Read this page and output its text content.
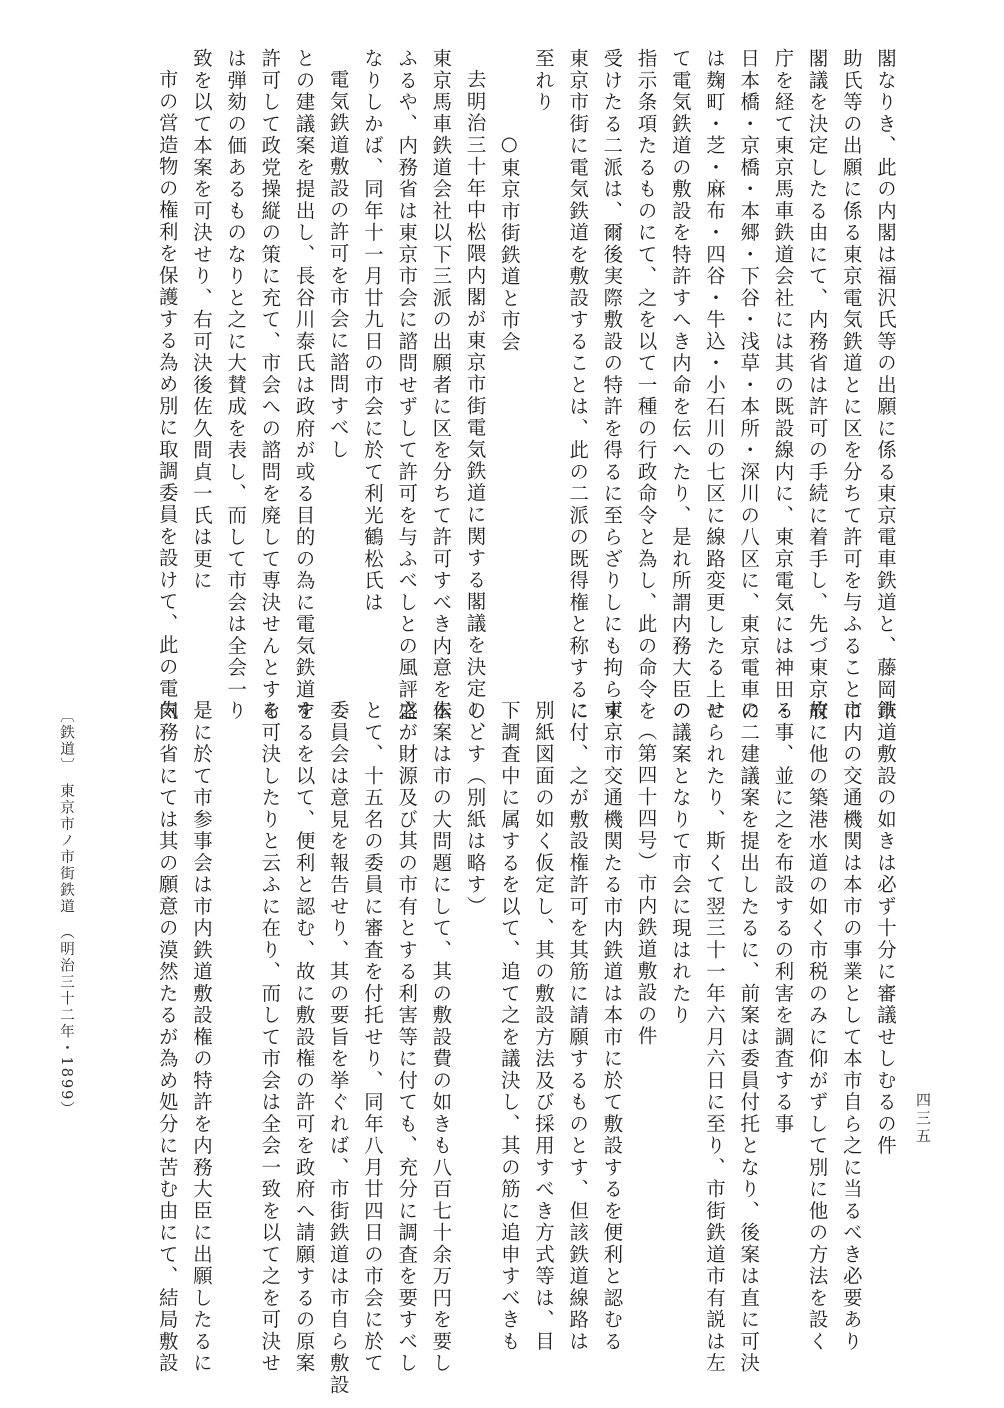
閣なりき、此の内閣は福沢氏等の出願に係る東京電車鉄道と、藤岡市
助氏等の出願に係る東京電気鉄道とに区を分ちて許可を与ふることに
閣議を決定したる由にて、内務省は許可の手続に着手し、先づ東京府
庁を経て東京馬車鉄道会社には其の既設線内に、東京電気には神田・
日本橋・京橋・本郷・下谷・浅草・本所・深川の八区に、東京電車に
は麹町・芝・麻布・四谷・牛込・小石川の七区に線路変更したる上に
て電気鉄道の敷設を特許すへき内命を伝へたり、是れ所謂内務大臣の
指示条項たるものにて、之を以て一種の行政命令と為し、此の命令を
受けたる二派は、爾後実際敷設の特許を得るに至らざりしにも拘らず
東京市街に電気鉄道を敷設することは、此の二派の既得権と称するに
至れり
○東京市街鉄道と市会
去明治三十年中松隈内閣が東京市街電気鉄道に関する閣議を決定し、
東京馬車鉄道会社以下三派の出願者に区を分ちて許可すべき内意を伝
ふるや、内務省は東京市会に諮問せずして許可を与ふべしとの風評盛
なりしかば、同年十一月廿九日の市会に於て利光鶴松氏は
電気鉄道敷設の許可を市会に諮問すべし
との建議案を提出し、長谷川泰氏は政府が或る目的の為に電気鉄道を
許可して政党操縦の策に充て、市会への諮問を廃して専決せんとする
は弾劾の価あるものなりと之に大賛成を表し、而して市会は全会一
致を以て本案を可決せり、右可決後佐久間貞一氏は更に
市の営造物の権利を保護する為め別に取調委員を設けて、此の電気
鉄道敷設の如きは必ず十分に審議せしむるの件
市内の交通機関は本市の事業として本市自ら之に当るべき必要あり
故に他の築港水道の如く市税のみに仰がずして別に他の方法を設く
る事、並に之を布設するの利害を調査する事
の二建議案を提出したるに、前案は委員付托となり、後案は直に可決
せられたり、斯くて翌三十一年六月六日に至り、市街鉄道市有説は左
の議案となりて市会に現はれたり
（第四十四号）市内鉄道敷設の件
東京市交通機関たる市内鉄道は本市に於て敷設するを便利と認むる
に付、之が敷設権許可を其筋に請願するものとす、但該鉄道線路は
別紙図面の如く仮定し、其の敷設方法及び採用すべき方式等は、目
下調査中に属するを以て、追て之を議決し、其の筋に追申すべきも
のとす（別紙は略す）
本案は市の大問題にして、其の敷設費の如きも八百七十余万円を要し
之が財源及び其の市有とする利害等に付ても、充分に調査を要すべし
とて、十五名の委員に審査を付托せり、同年八月廿四日の市会に於て
委員会は意見を報告せり、其の要旨を挙ぐれば、市街鉄道は市自ら敷設
するを以て、便利と認む、故に敷設権の許可を政府へ請願するの原案
を可決したりと云ふに在り、而して市会は全会一致を以て之を可決せ
り
是に於て市参事会は市内鉄道敷設権の特許を内務大臣に出願したるに
内務省にては其の願意の漠然たるが為め処分に苦む由にて、結局敷設
〔鉄道〕　東京市ノ市街鉄道　（明治三十二年・1899）
四三五
